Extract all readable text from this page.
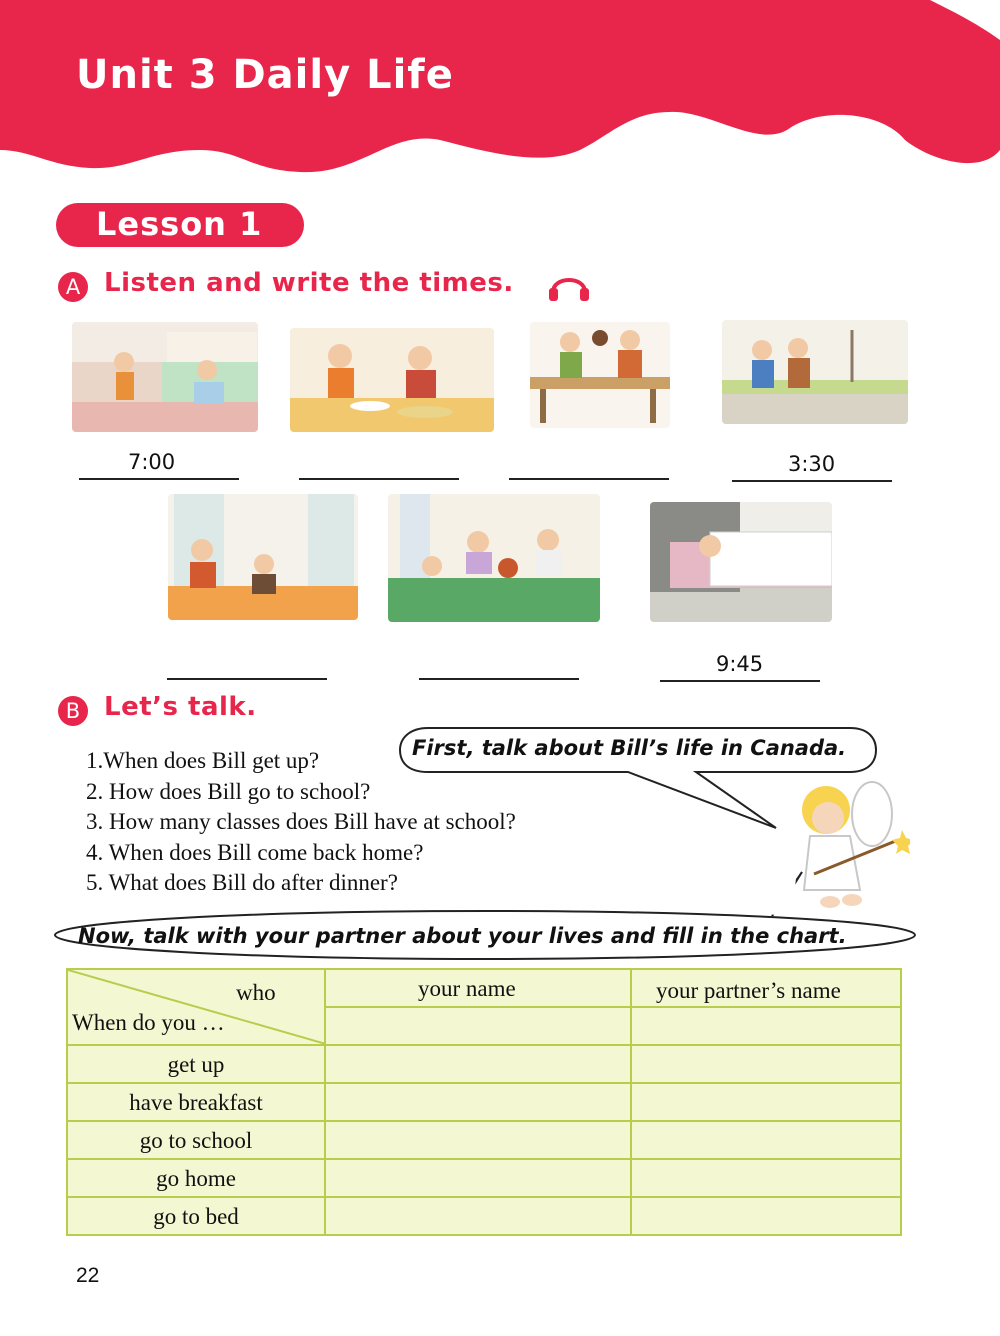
Unit 3 Daily Life
Lesson 1
A Listen and write the times.
7:00	3:30
9:45
B Let’s talk.
1.When does Bill get up?
2. How does Bill go to school?
3. How many classes does Bill have at school?
4. When does Bill come back home?
5. What does Bill do after dinner?
First, talk about Bill’s life in Canada.
Now, talk with your partner about your lives and fill in the chart.
who
When do you …
your name	your partner’s name
get up
have breakfast
go to school
go home
go to bed
22
